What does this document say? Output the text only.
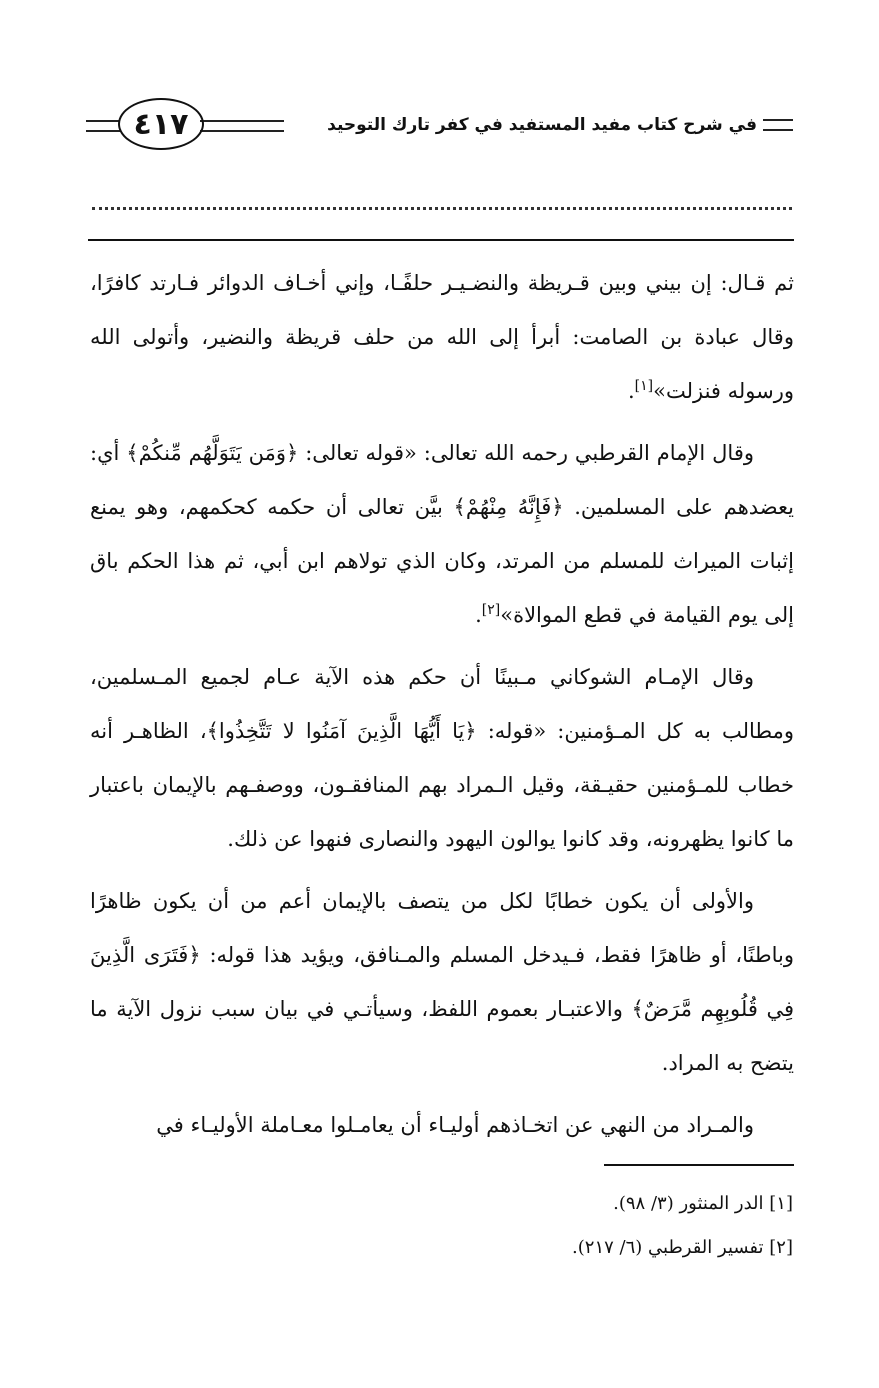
في شرح كتاب مفيد المستفيد في كفر تارك التوحيد
٤١٧

ثم قـال: إن بيني وبين قـريظة والنضـيـر حلفًـا، وإني أخـاف الدوائر فـارتد كافرًا، وقال عبادة بن الصامت: أبرأ إلى الله من حلف قريظة والنضير، وأتولى الله ورسوله فنزلت»[١].

وقال الإمام القرطبي رحمه الله تعالى: «قوله تعالى: ﴿وَمَن يَتَوَلَّهُم مِّنكُمْ﴾ أي: يعضدهم على المسلمين. ﴿فَإِنَّهُ مِنْهُمْ﴾ بيَّن تعالى أن حكمه كحكمهم، وهو يمنع إثبات الميراث للمسلم من المرتد، وكان الذي تولاهم ابن أبي، ثم هذا الحكم باق إلى يوم القيامة في قطع الموالاة»[٢].

وقال الإمـام الشوكاني مـبينًا أن حكم هذه الآية عـام لجميع المـسلمين، ومطالب به كل المـؤمنين: «قوله: ﴿يَا أَيُّهَا الَّذِينَ آمَنُوا لا تَتَّخِذُوا﴾، الظاهـر أنه خطاب للمـؤمنين حقيـقة، وقيل الـمراد بهم المنافقـون، ووصفـهم بالإيمان باعتبار ما كانوا يظهرونه، وقد كانوا يوالون اليهود والنصارى فنهوا عن ذلك.

والأولى أن يكون خطابًا لكل من يتصف بالإيمان أعم من أن يكون ظاهرًا وباطنًا، أو ظاهرًا فقط، فـيدخل المسلم والمـنافق، ويؤيد هذا قوله: ﴿فَتَرَى الَّذِينَ فِي قُلُوبِهِم مَّرَضٌ﴾ والاعتبـار بعموم اللفظ، وسيأتـي في بيان سبب نزول الآية ما يتضح به المراد.

والمـراد من النهي عن اتخـاذهم أوليـاء أن يعامـلوا معـاملة الأوليـاء في

[١] الدر المنثور (٣/ ٩٨).
[٢] تفسير القرطبي (٦/ ٢١٧).
